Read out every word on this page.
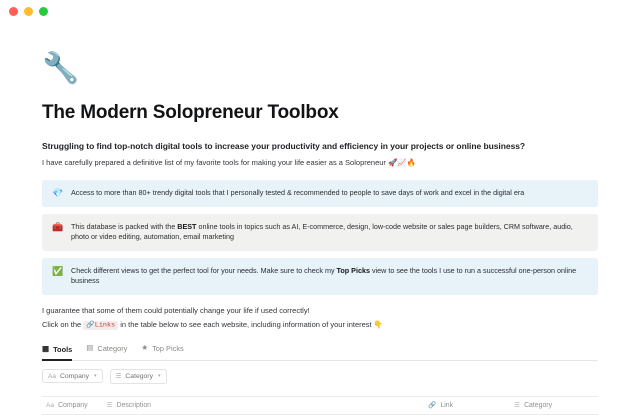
🔧
The Modern Solopreneur Toolbox
Struggling to find top-notch digital tools to increase your productivity and efficiency in your projects or online business?
I have carefully prepared a definitive list of my favorite tools for making your life easier as a Solopreneur 🚀📈🔥
💎 Access to more than 80+ trendy digital tools that I personally tested & recommended to people to save days of work and excel in the digital era
🧰 This database is packed with the BEST online tools in topics such as AI, E-commerce, design, low-code website or sales page builders, CRM software, audio, photo or video editing, automation, email marketing
✅ Check different views to get the perfect tool for your needs. Make sure to check my Top Picks view to see the tools I use to run a successful one-person online business
I guarantee that some of them could potentially change your life if used correctly!
Click on the 🔗Links in the table below to see each website, including information of your interest 👇
▦ Tools ▤ Category ★ Top Picks
Aa Company ▾	☰ Category ▾
Aa Company	☰ Description	🔗 Link	☰ Category
